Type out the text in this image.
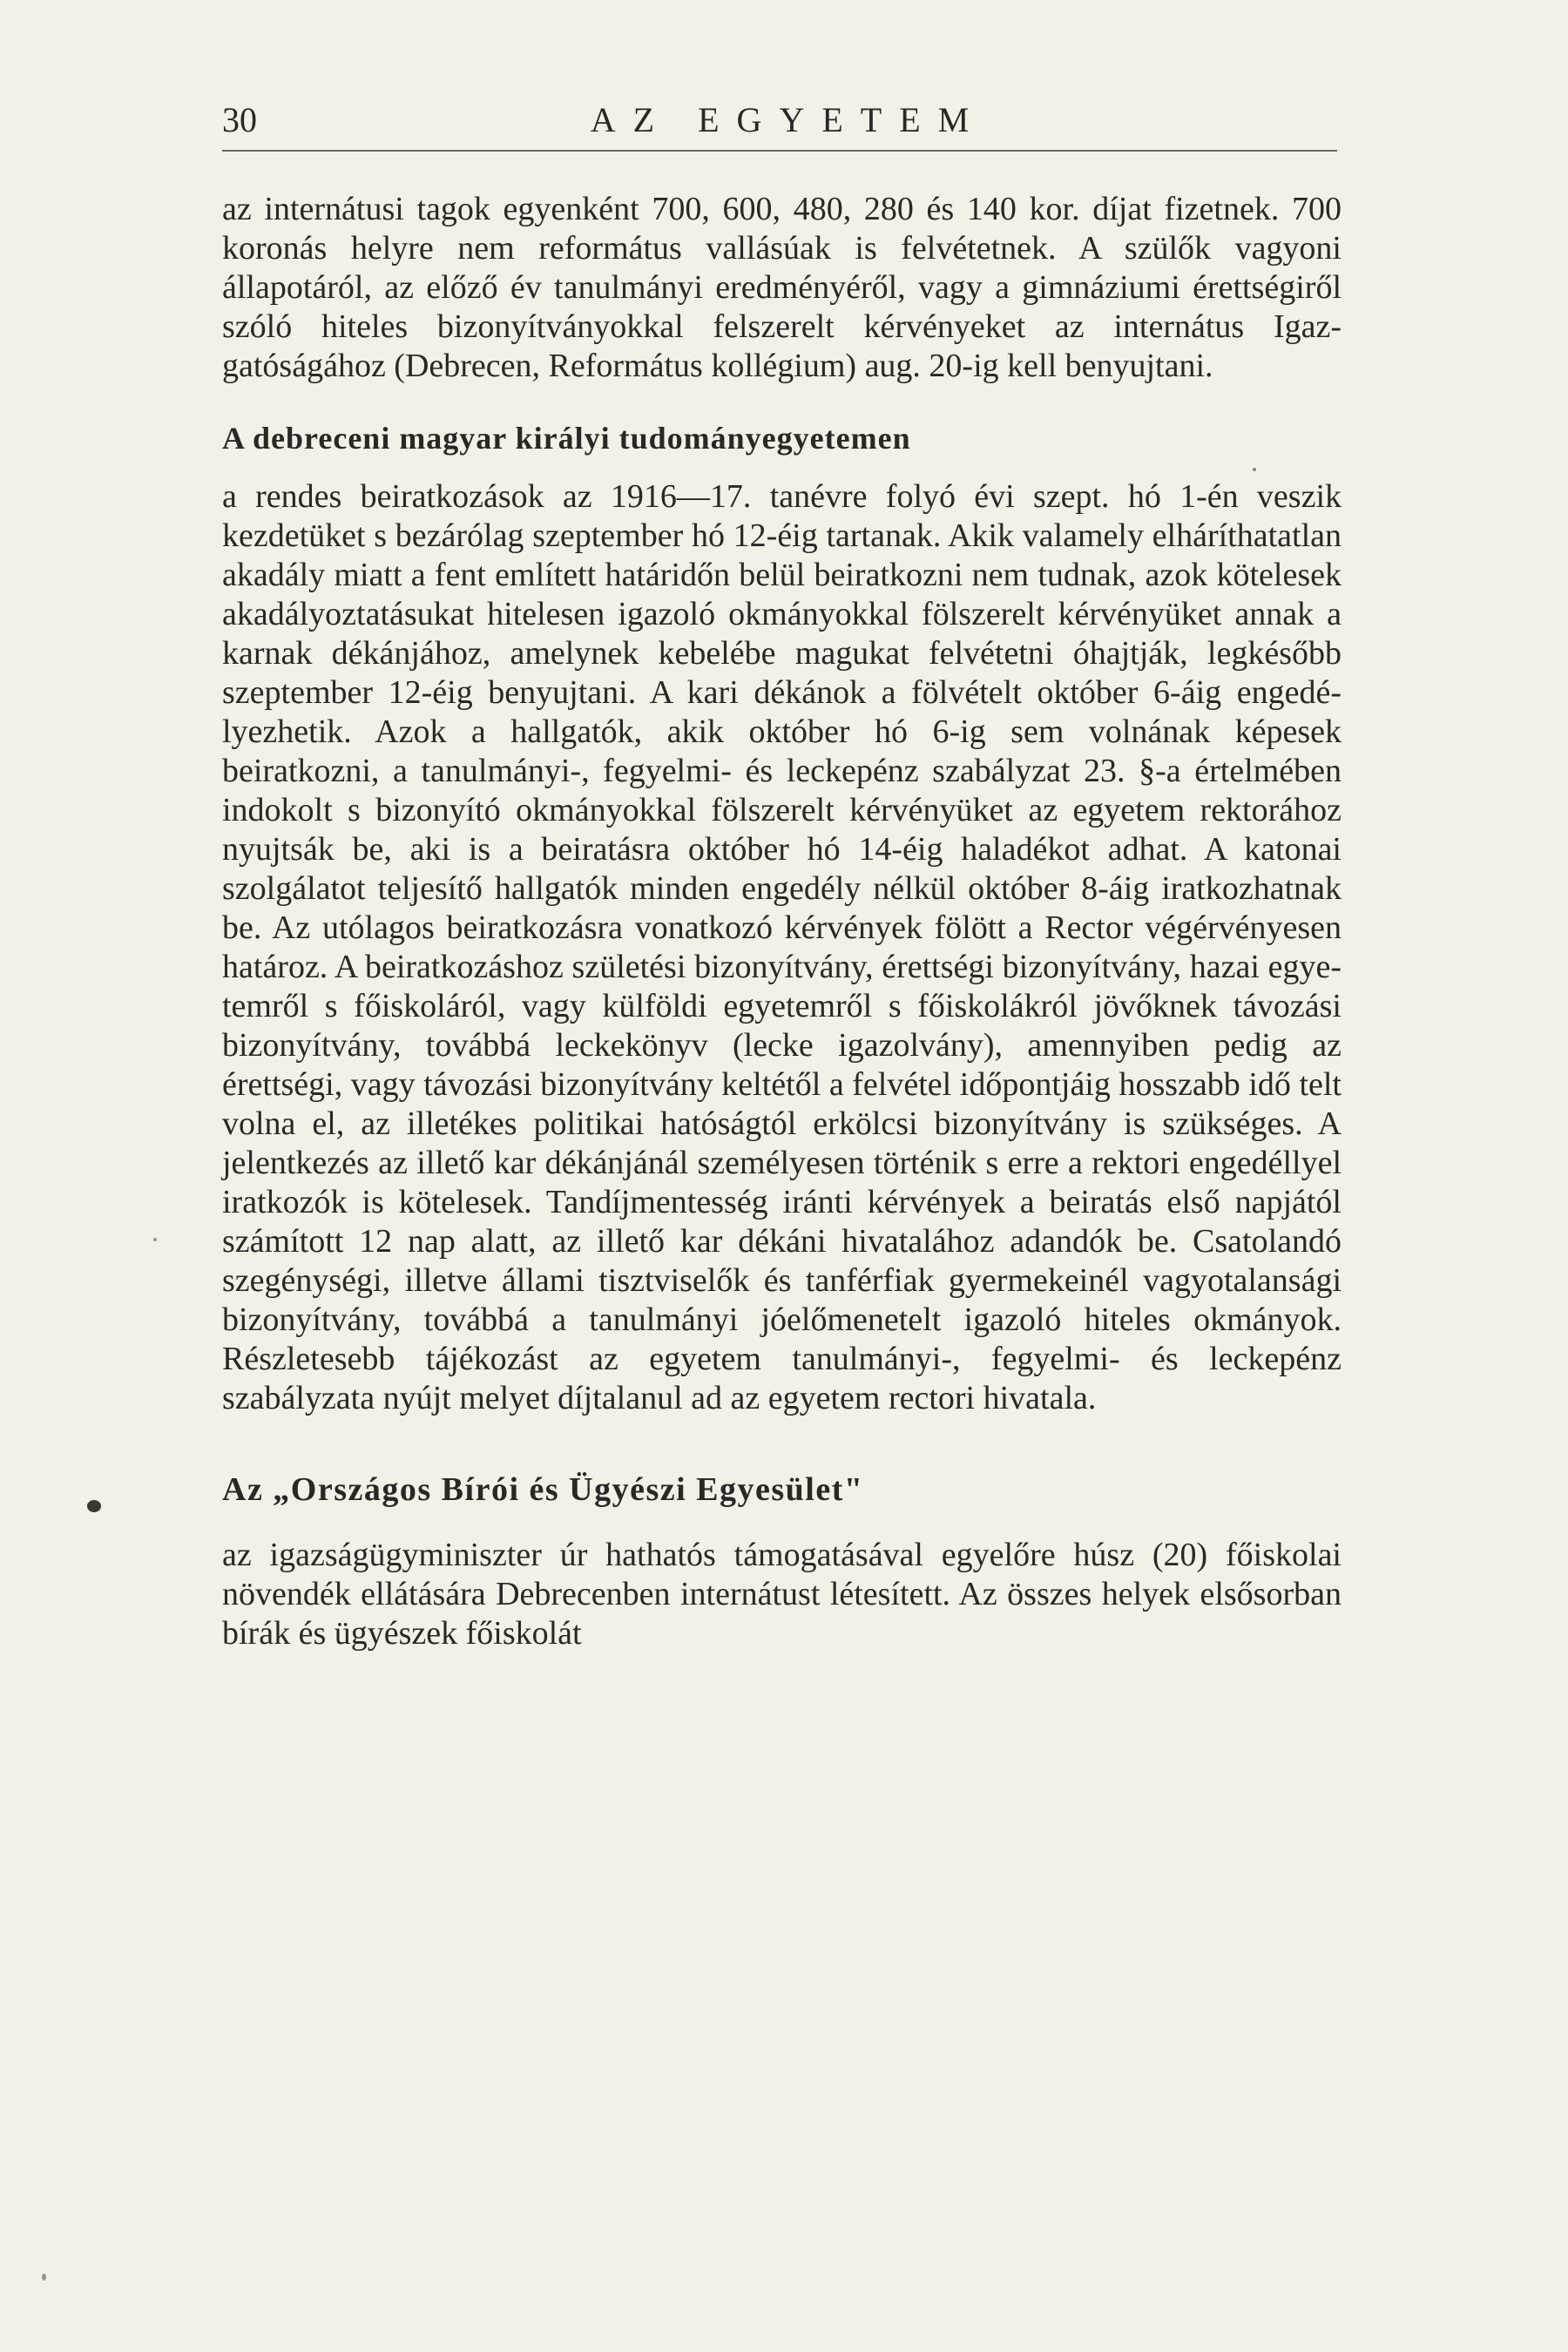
30	AZ EGYETEM

az internátusi tagok egyenként 700, 600, 480, 280 és 140 kor. díjat fizetnek. 700 koronás helyre nem református vallásúak is felvétetnek. A szülők vagyoni állapotáról, az előző év tanulmányi eredményéről, vagy a gimnáziumi érettségiről szóló hiteles bizonyítványokkal felszerelt kérvényeket az internátus Igazgatóságához (Debrecen, Református kollégium) aug. 20-ig kell benyujtani.

A debreceni magyar királyi tudományegyetemen

a rendes beiratkozások az 1916—17. tanévre folyó évi szept. hó 1-én veszik kezdetüket s bezárólag szeptember hó 12-éig tartanak. Akik valamely elháríthatatlan akadály miatt a fent említett határidőn belül beiratkozni nem tudnak, azok kötelesek akadályoztatásukat hitelesen igazoló okmányokkal fölszerelt kérvényüket annak a karnak dékánjához, amelynek kebelébe magukat felvétetni óhajtják, legkésőbb szeptember 12-éig benyujtani. A kari dékánok a fölvételt október 6-áig engedélyezhetik. Azok a hallgatók, akik október hó 6-ig sem volnának képesek beiratkozni, a tanulmányi-, fegyelmi- és leckepénz szabályzat 23. §-a értelmében indokolt s bizonyító okmányokkal fölszerelt kérvényüket az egyetem rektorához nyujtsák be, aki is a beiratásra október hó 14-éig haladékot adhat. A katonai szolgálatot teljesítő hallgatók minden engedély nélkül október 8-áig iratkozhatnak be. Az utólagos beiratkozásra vonatkozó kérvények fölött a Rector végérvényesen határoz. A beiratkozáshoz születési bizonyítvány, érettségi bizonyítvány, hazai egyetemről s főiskoláról, vagy külföldi egyetemről s főiskolákról jövőknek távozási bizonyítvány, továbbá leckekönyv (lecke igazolvány), amennyiben pedig az érettségi, vagy távozási bizonyítvány keltétől a felvétel időpontjáig hosszabb idő telt volna el, az illetékes politikai hatóságtól erkölcsi bizonyítvány is szükséges. A jelentkezés az illető kar dékánjánál személyesen történik s erre a rektori engedéllyel iratkozók is kötelesek. Tandíjmentesség iránti kérvények a beiratás első napjától számított 12 nap alatt, az illető kar dékáni hivatalához adandók be. Csatolandó szegénységi, illetve állami tisztviselők és tanférfiak gyermekeinél vagyotalansági bizonyítvány, továbbá a tanulmányi jóelőmenetelt igazoló hiteles okmányok. Részletesebb tájékozást az egyetem tanulmányi-, fegyelmi- és leckepénz szabályzata nyújt melyet díjtalanul ad az egyetem rectori hivatala.

Az „Országos Bírói és Ügyészi Egyesület"

az igazságügyminiszter úr hathatós támogatásával egyelőre húsz (20) főiskolai növendék ellátására Debrecenben internátust létesített. Az összes helyek elsősorban bírák és ügyészek főiskolát
